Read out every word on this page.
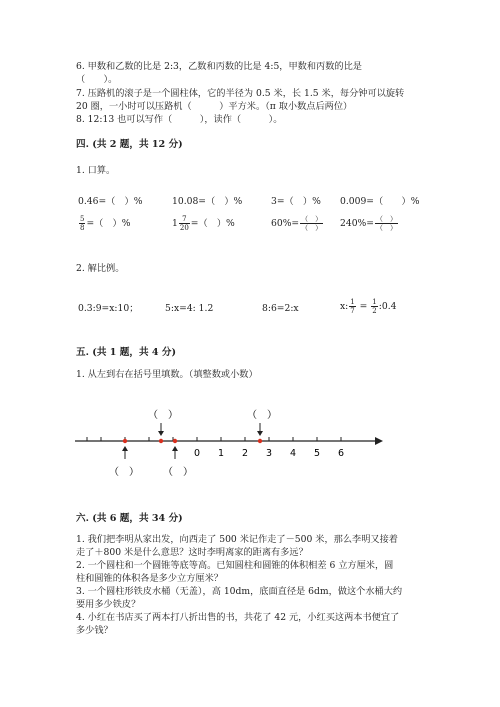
6. 甲数和乙数的比是 2:3，乙数和丙数的比是 4:5，甲数和丙数的比是
（　　）。
7. 压路机的滚子是一个圆柱体，它的半径为 0.5 米，长 1.5 米，每分钟可以旋转
20 圈，一小时可以压路机（　　　）平方米。（π 取小数点后两位）
8. 12:13 也可以写作（　　　），读作（　　　）。
四. (共 2 题，共 12 分)
1. 口算。
0.46=（　）%	10.08=（　）%	3=（　）% 0.009=（　　）%
$\frac{5}{8}$ =（　）%	$1 \frac{7}{20}$ =（　）%	$60\%= \frac{( )}{( )} 240\%= \frac{( )}{( )}$
2. 解比例。
0.3:9=x:10；	5:x=4: 1.2	8:6=2:x	x: $\frac{1}{7} = \frac{1}{2}$ :0.4
五. (共 1 题，共 4 分)
1. 从左到右在括号里填数。（填整数或小数）
0 1 2 3 4 5 6
（　）	（　）
（　） （　）
六. (共 6 题，共 34 分)
1. 我们把李明从家出发，向西走了 500 米记作走了－500 米，那么李明又接着
走了＋800 米是什么意思？这时李明离家的距离有多远？
2. 一个圆柱和一个圆锥等底等高。已知圆柱和圆锥的体积相差 6 立方厘米，圆
柱和圆锥的体积各是多少立方厘米？
3. 一个圆柱形铁皮水桶（无盖），高 10dm，底面直径是 6dm，做这个水桶大约
要用多少铁皮？
4. 小红在书店买了两本打八折出售的书，共花了 42 元，小红买这两本书便宜了
多少钱？
